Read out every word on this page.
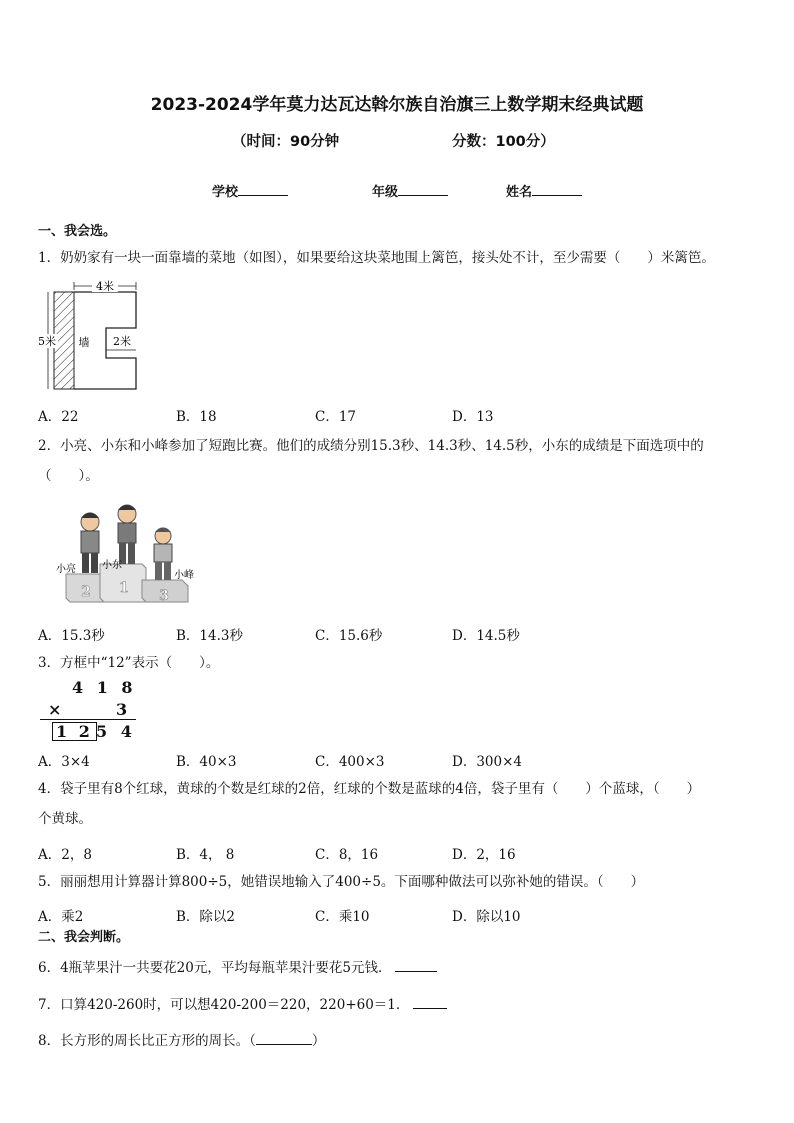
2023-2024学年莫力达瓦达斡尔族自治旗三上数学期末经典试题
（时间：90分钟	分数：100分）
学校	年级	姓名
一、我会选。
1．奶奶家有一块一面靠墙的菜地（如图），如果要给这块菜地围上篱笆，接头处不计，至少需要（　　）米篱笆。
4米
5米 墙 2米
A．22	B．18	C．17	D．13
2．小亮、小东和小峰参加了短跑比赛。他们的成绩分别15.3秒、14.3秒、14.5秒，小东的成绩是下面选项中的
（　　）。
2 1 3
小亮	小东
小峰
A．15.3秒	B．14.3秒	C．15.6秒	D．14.5秒
3．方框中“12”表示（　　）。
4 1 8
×	3
1 2 5 4
A．3×4	B．40×3	C．400×3	D．300×4
4．袋子里有8个红球，黄球的个数是红球的2倍，红球的个数是蓝球的4倍，袋子里有（　　）个蓝球，（　　）
个黄球。
A．2，8	B．4， 8	C．8，16	D．2，16
5．丽丽想用计算器计算800÷5，她错误地输入了400÷5。下面哪种做法可以弥补她的错误。（　　）
A．乘2	B．除以2	C．乘10	D．除以10
二、我会判断。
6．4瓶苹果汁一共要花20元，平均每瓶苹果汁要花5元钱．
7．口算420-260时，可以想420-200＝220，220+60＝1．
8．长方形的周长比正方形的周长。（	）
